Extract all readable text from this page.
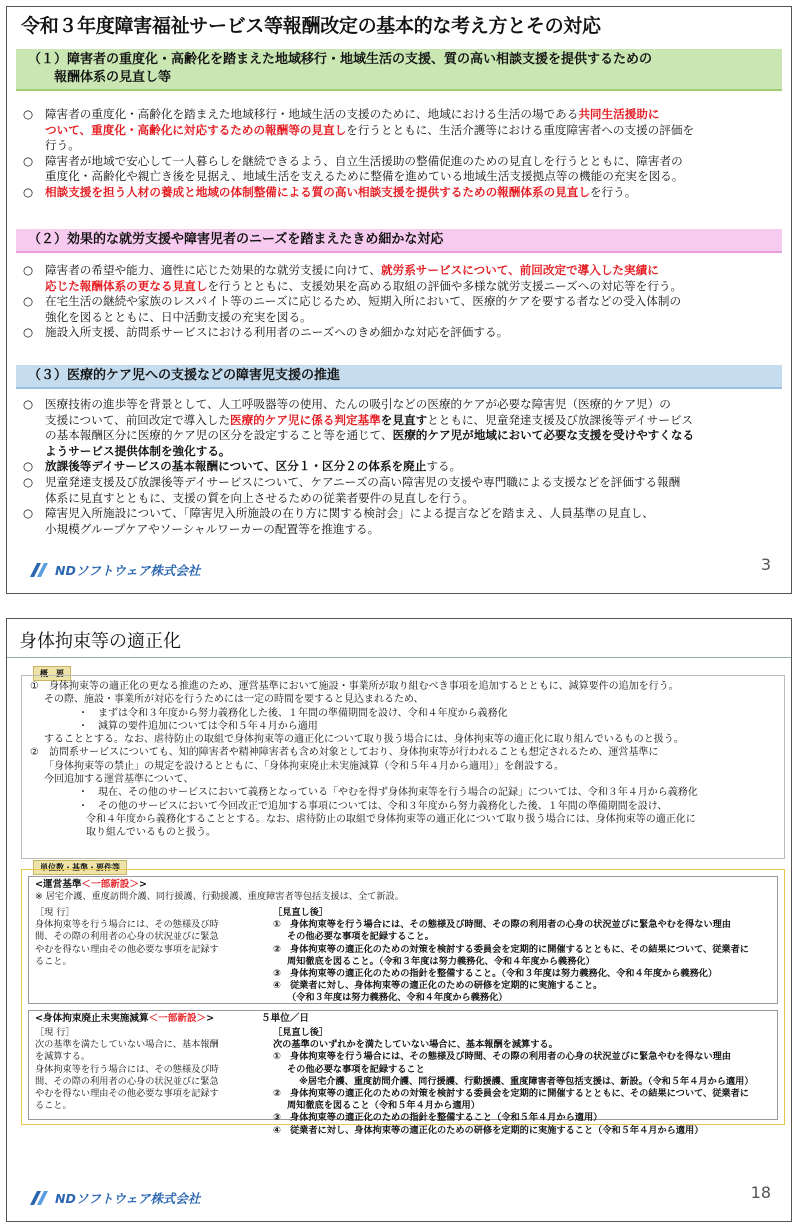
令和３年度障害福祉サービス等報酬改定の基本的な考え方とその対応
（１）障害者の重度化・高齢化を踏まえた地域移行・地域生活の支援、質の高い相談支援を提供するための
報酬体系の見直し等
○	障害者の重度化・高齢化を踏まえた地域移行・地域生活の支援のために、地域における生活の場である共同生活援助に
ついて、重度化・高齢化に対応するための報酬等の見直しを行うとともに、生活介護等における重度障害者への支援の評価を
行う。
○	障害者が地域で安心して一人暮らしを継続できるよう、自立生活援助の整備促進のための見直しを行うとともに、障害者の
重度化・高齢化や親亡き後を見据え、地域生活を支えるために整備を進めている地域生活支援拠点等の機能の充実を図る。
○	相談支援を担う人材の養成と地域の体制整備による質の高い相談支援を提供するための報酬体系の見直しを行う。
（２）効果的な就労支援や障害児者のニーズを踏まえたきめ細かな対応
○	障害者の希望や能力、適性に応じた効果的な就労支援に向けて、就労系サービスについて、前回改定で導入した実績に
応じた報酬体系の更なる見直しを行うとともに、支援効果を高める取組の評価や多様な就労支援ニーズへの対応等を行う。
○	在宅生活の継続や家族のレスパイト等のニーズに応じるため、短期入所において、医療的ケアを要する者などの受入体制の
強化を図るとともに、日中活動支援の充実を図る。
○	施設入所支援、訪問系サービスにおける利用者のニーズへのきめ細かな対応を評価する。
（３）医療的ケア児への支援などの障害児支援の推進
○	医療技術の進歩等を背景として、人工呼吸器等の使用、たんの吸引などの医療的ケアが必要な障害児（医療的ケア児）の
支援について、前回改定で導入した医療的ケア児に係る判定基準を見直すとともに、児童発達支援及び放課後等デイサービス
の基本報酬区分に医療的ケア児の区分を設定すること等を通じて、医療的ケア児が地域において必要な支援を受けやすくなる
ようサービス提供体制を強化する。
○	放課後等デイサービスの基本報酬について、区分１・区分２の体系を廃止する。
○	児童発達支援及び放課後等デイサービスについて、ケアニーズの高い障害児の支援や専門職による支援などを評価する報酬
体系に見直すとともに、支援の質を向上させるための従業者要件の見直しを行う。
○	障害児入所施設について、「障害児入所施設の在り方に関する検討会」による提言などを踏まえ、人員基準の見直し、
小規模グループケアやソーシャルワーカーの配置等を推進する。
NDソフトウェア株式会社	3
身体拘束等の適正化
概　要
①　身体拘束等の適正化の更なる推進のため、運営基準において施設・事業所が取り組むべき事項を追加するとともに、減算要件の追加を行う。
その際、施設・事業所が対応を行うためには一定の時間を要すると見込まれるため、
・　まずは令和３年度から努力義務化した後、１年間の準備期間を設け、令和４年度から義務化
・　減算の要件追加については令和５年４月から適用
することとする。なお、虐待防止の取組で身体拘束等の適正化について取り扱う場合には、身体拘束等の適正化に取り組んでいるものと扱う。
②　訪問系サービスについても、知的障害者や精神障害者も含め対象としており、身体拘束等が行われることも想定されるため、運営基準に
「身体拘束等の禁止」の規定を設けるとともに、「身体拘束廃止未実施減算（令和５年４月から適用）」を創設する。
今回追加する運営基準について、
・　現在、その他のサービスにおいて義務となっている「やむを得ず身体拘束等を行う場合の記録」については、令和３年４月から義務化
・　その他のサービスにおいて今回改正で追加する事項については、令和３年度から努力義務化した後、１年間の準備期間を設け、
令和４年度から義務化することとする。なお、虐待防止の取組で身体拘束等の適正化について取り扱う場合には、身体拘束等の適正化に
取り組んでいるものと扱う。
単位数・基準・要件等
<運営基準＜一部新設＞>
※ 居宅介護、重度訪問介護、同行援護、行動援護、重度障害者等包括支援は、全て新設。
［現 行］
身体拘束等を行う場合には、その態様及び時
間、その際の利用者の心身の状況並びに緊急
やむを得ない理由その他必要な事項を記録す
ること。
［見直し後］
①　身体拘束等を行う場合には、その態様及び時間、その際の利用者の心身の状況並びに緊急やむを得ない理由
その他必要な事項を記録すること。
②　身体拘束等の適正化のための対策を検討する委員会を定期的に開催するとともに、その結果について、従業者に
周知徹底を図ること。（令和３年度は努力義務化、令和４年度から義務化）
③　身体拘束等の適正化のための指針を整備すること。（令和３年度は努力義務化、令和４年度から義務化）
④　従業者に対し、身体拘束等の適正化のための研修を定期的に実施すること。
（令和３年度は努力義務化、令和４年度から義務化）
<身体拘束廃止未実施減算＜一部新設＞>	５単位／日
［現 行］
次の基準を満たしていない場合に、基本報酬
を減算する。
身体拘束等を行う場合には、その態様及び時
間、その際の利用者の心身の状況並びに緊急
やむを得ない理由その他必要な事項を記録す
ること。
［見直し後］
次の基準のいずれかを満たしていない場合に、基本報酬を減算する。
①　身体拘束等を行う場合には、その態様及び時間、その際の利用者の心身の状況並びに緊急やむを得ない理由
その他必要な事項を記録すること
※居宅介護、重度訪問介護、同行援護、行動援護、重度障害者等包括支援は、新設。（令和５年４月から適用）
②　身体拘束等の適正化のための対策を検討する委員会を定期的に開催するとともに、その結果について、従業者に
周知徹底を図ること（令和５年４月から適用）
③　身体拘束等の適正化のための指針を整備すること（令和５年４月から適用）
④　従業者に対し、身体拘束等の適正化のための研修を定期的に実施すること（令和５年４月から適用）
NDソフトウェア株式会社	18
